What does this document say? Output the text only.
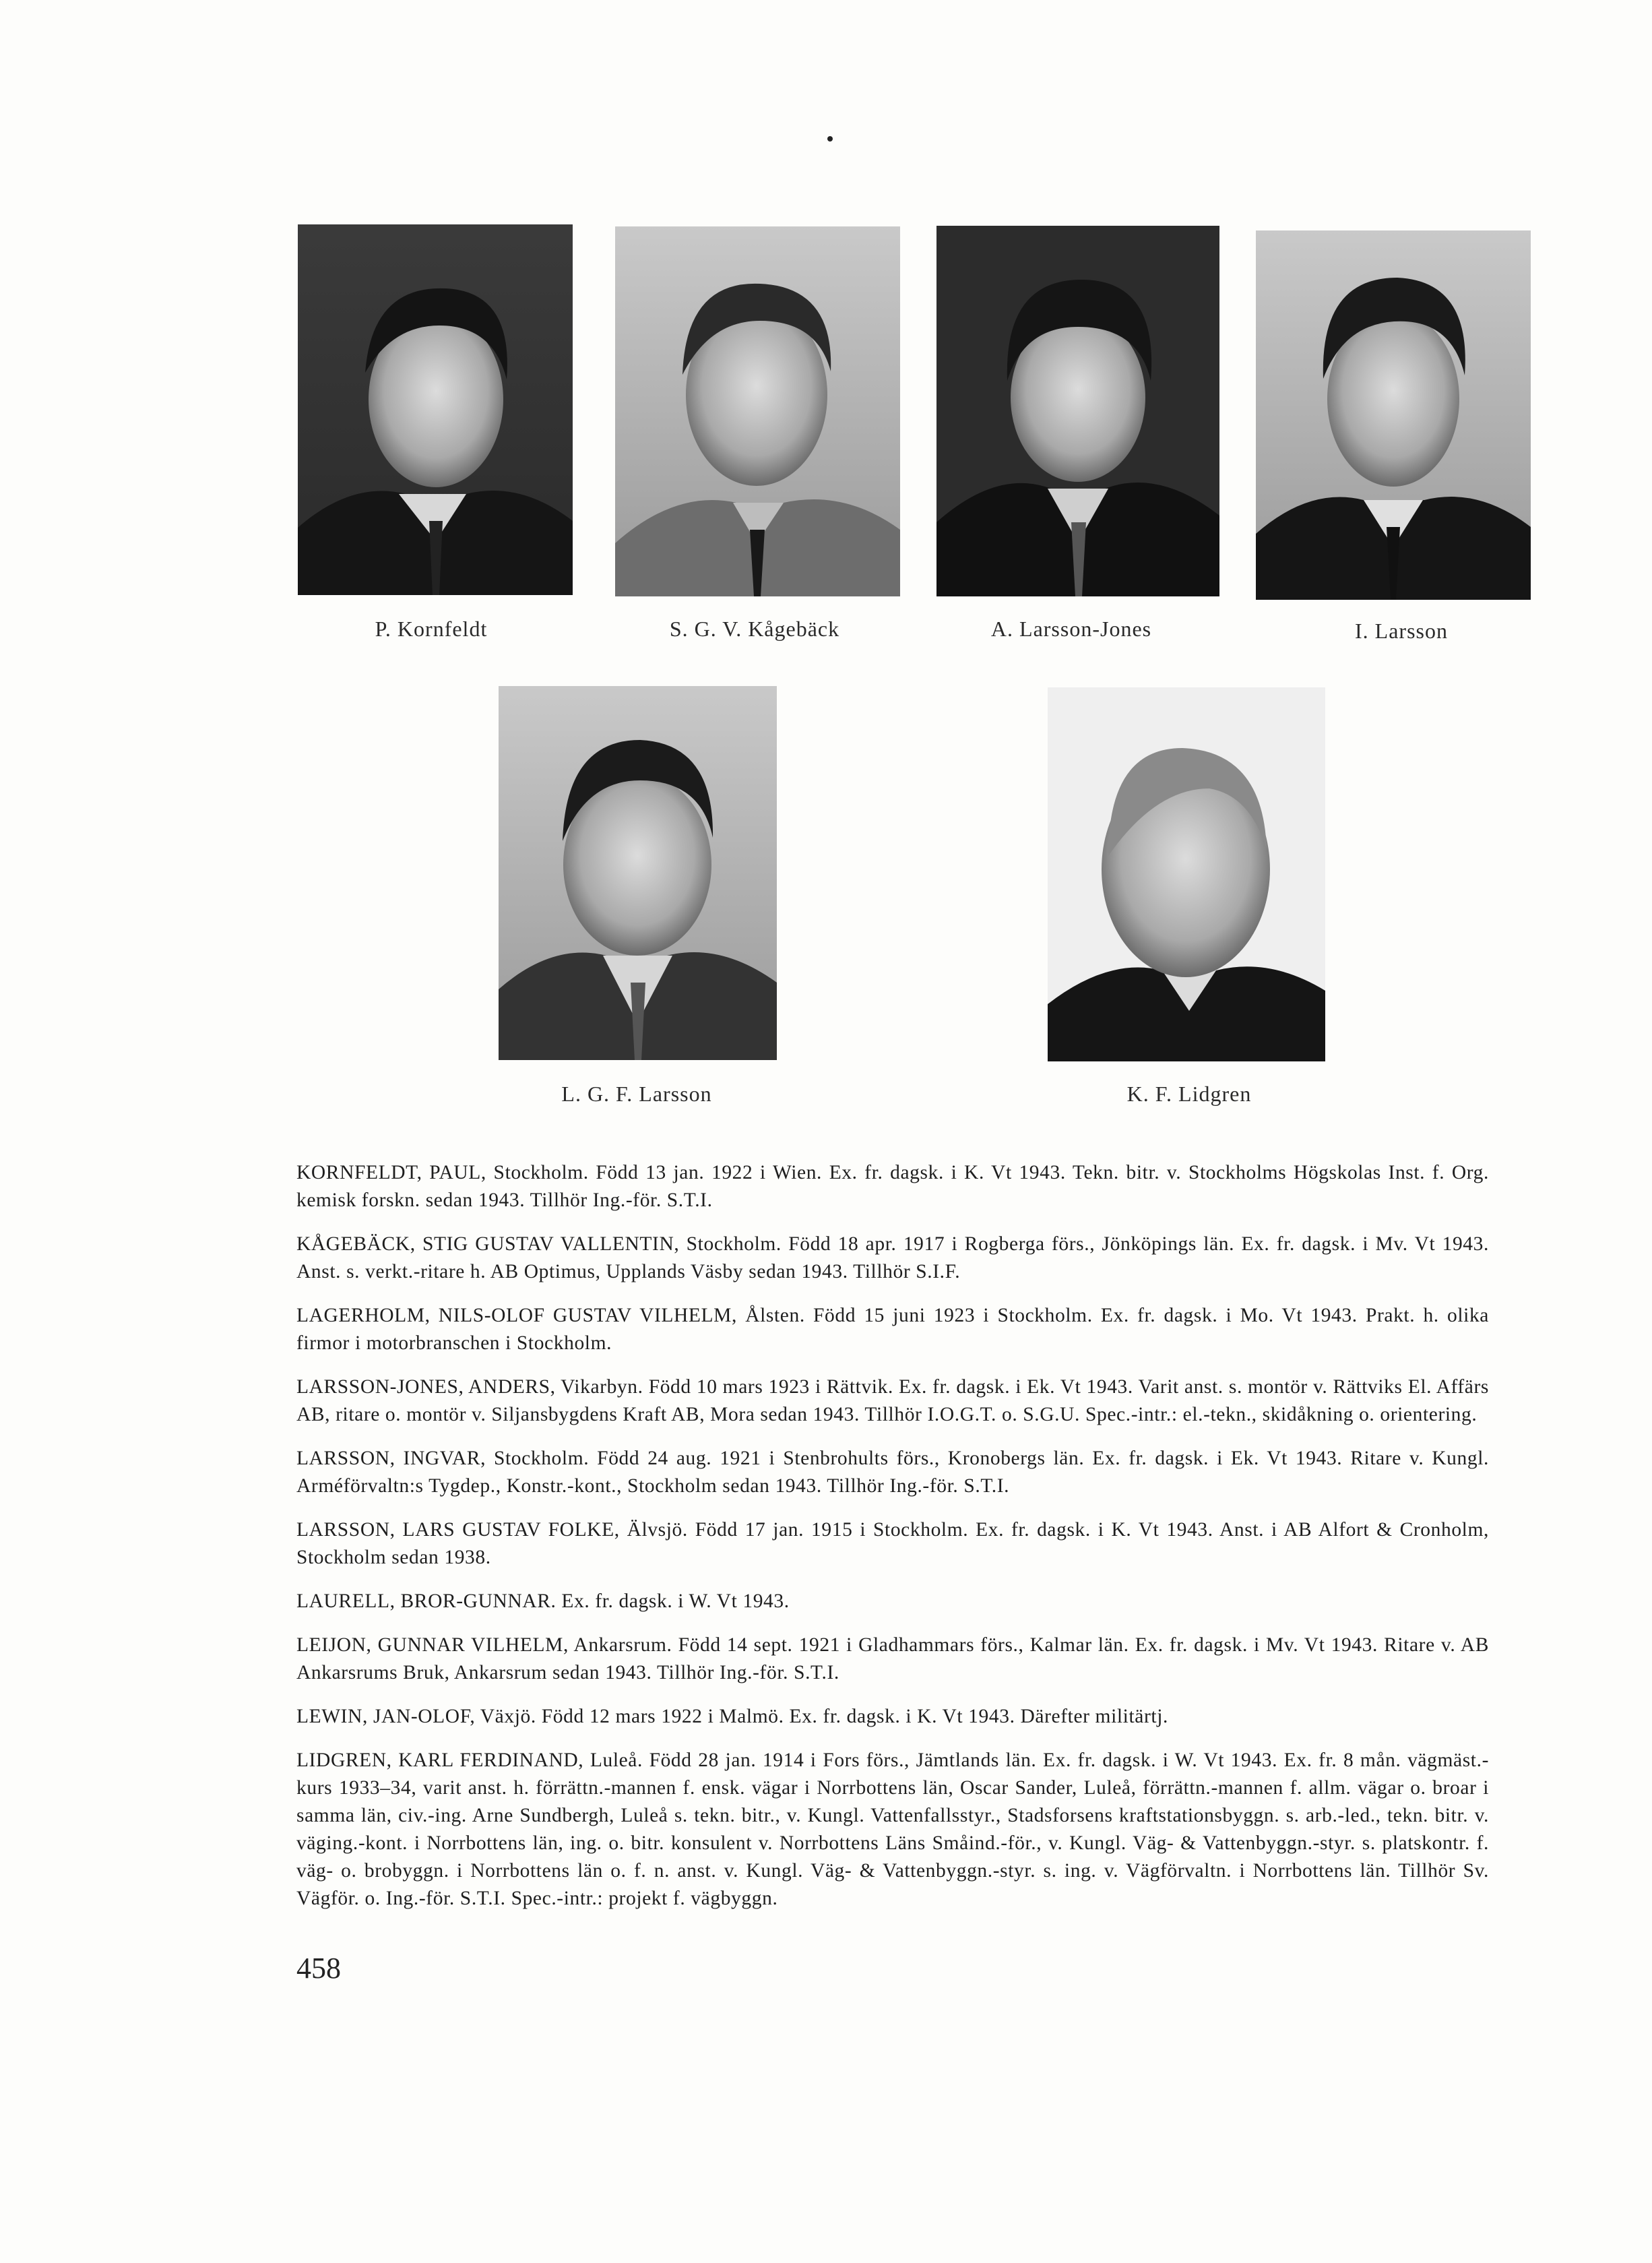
P. Kornfeldt	S. G. V. Kågebäck	A. Larsson-Jones	I. Larsson
L. G. F. Larsson	K. F. Lidgren

KORNFELDT, PAUL, Stockholm. Född 13 jan. 1922 i Wien. Ex. fr. dagsk. i K. Vt 1943. Tekn. bitr. v. Stockholms Högskolas Inst. f. Org. kemisk forskn. sedan 1943. Tillhör Ing.-för. S.T.I.

KÅGEBÄCK, STIG GUSTAV VALLENTIN, Stockholm. Född 18 apr. 1917 i Rogberga förs., Jönköpings län. Ex. fr. dagsk. i Mv. Vt 1943. Anst. s. verkt.-ritare h. AB Optimus, Upplands Väsby sedan 1943. Tillhör S.I.F.

LAGERHOLM, NILS-OLOF GUSTAV VILHELM, Ålsten. Född 15 juni 1923 i Stockholm. Ex. fr. dagsk. i Mo. Vt 1943. Prakt. h. olika firmor i motorbranschen i Stockholm.

LARSSON-JONES, ANDERS, Vikarbyn. Född 10 mars 1923 i Rättvik. Ex. fr. dagsk. i Ek. Vt 1943. Varit anst. s. montör v. Rättviks El. Affärs AB, ritare o. montör v. Siljansbygdens Kraft AB, Mora sedan 1943. Tillhör I.O.G.T. o. S.G.U. Spec.-intr.: el.-tekn., skidåkning o. orientering.

LARSSON, INGVAR, Stockholm. Född 24 aug. 1921 i Stenbrohults förs., Kronobergs län. Ex. fr. dagsk. i Ek. Vt 1943. Ritare v. Kungl. Arméförvaltn:s Tygdep., Konstr.-kont., Stockholm sedan 1943. Tillhör Ing.-för. S.T.I.

LARSSON, LARS GUSTAV FOLKE, Älvsjö. Född 17 jan. 1915 i Stockholm. Ex. fr. dagsk. i K. Vt 1943. Anst. i AB Alfort & Cronholm, Stockholm sedan 1938.

LAURELL, BROR-GUNNAR. Ex. fr. dagsk. i W. Vt 1943.

LEIJON, GUNNAR VILHELM, Ankarsrum. Född 14 sept. 1921 i Gladhammars förs., Kalmar län. Ex. fr. dagsk. i Mv. Vt 1943. Ritare v. AB Ankarsrums Bruk, Ankarsrum sedan 1943. Tillhör Ing.-för. S.T.I.

LEWIN, JAN-OLOF, Växjö. Född 12 mars 1922 i Malmö. Ex. fr. dagsk. i K. Vt 1943. Därefter militärtj.

LIDGREN, KARL FERDINAND, Luleå. Född 28 jan. 1914 i Fors förs., Jämtlands län. Ex. fr. dagsk. i W. Vt 1943. Ex. fr. 8 mån. vägmäst.-kurs 1933–34, varit anst. h. förrättn.-mannen f. ensk. vägar i Norrbottens län, Oscar Sander, Luleå, förrättn.-mannen f. allm. vägar o. broar i samma län, civ.-ing. Arne Sundbergh, Luleå s. tekn. bitr., v. Kungl. Vattenfallsstyr., Stadsforsens kraftstationsbyggn. s. arb.-led., tekn. bitr. v. väging.-kont. i Norrbottens län, ing. o. bitr. konsulent v. Norrbottens Läns Småind.-för., v. Kungl. Väg- & Vattenbyggn.-styr. s. platskontr. f. väg- o. brobyggn. i Norrbottens län o. f. n. anst. v. Kungl. Väg- & Vattenbyggn.-styr. s. ing. v. Vägförvaltn. i Norrbottens län. Tillhör Sv. Vägför. o. Ing.-för. S.T.I. Spec.-intr.: projekt f. vägbyggn.

458
